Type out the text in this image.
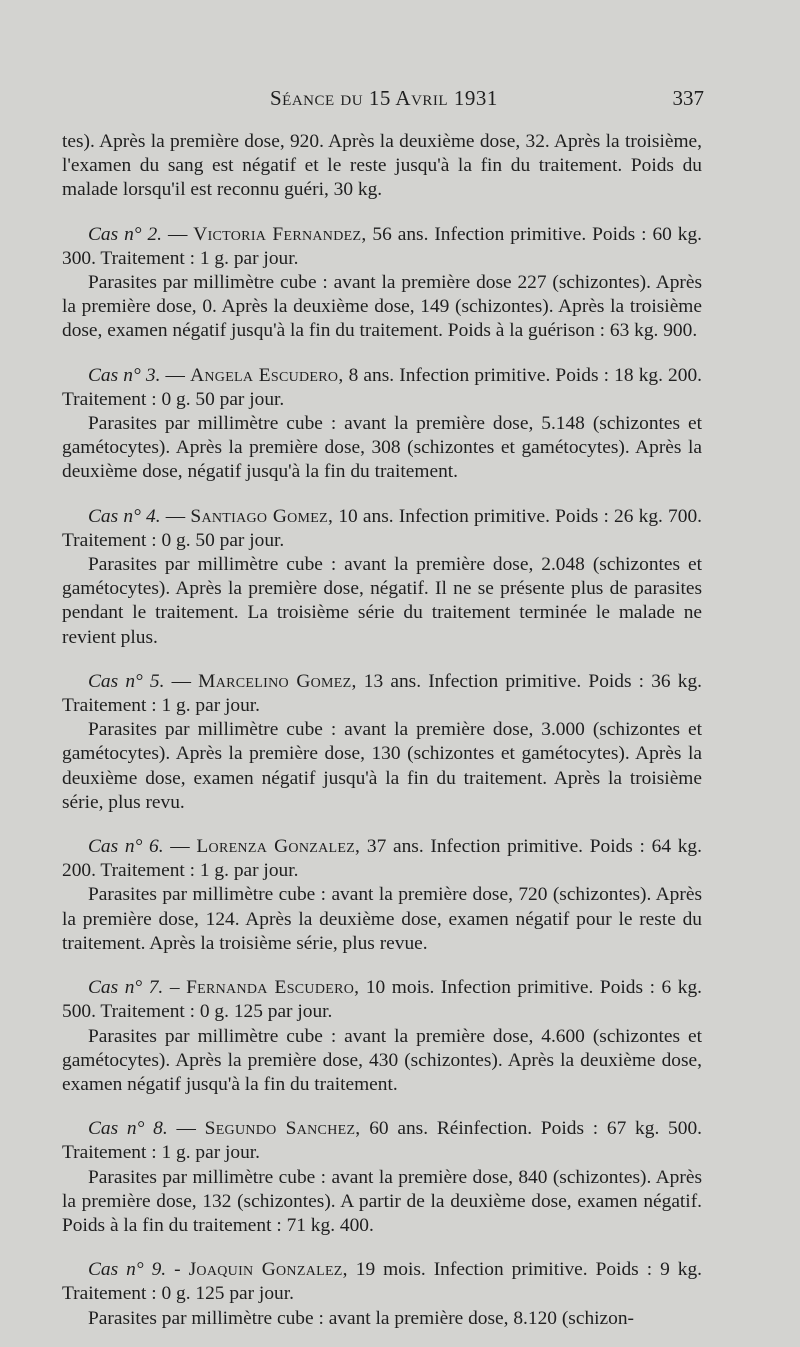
Séance du 15 Avril 1931	337

tes). Après la première dose, 920. Après la deuxième dose, 32. Après la troisième, l'examen du sang est négatif et le reste jusqu'à la fin du traitement. Poids du malade lorsqu'il est reconnu guéri, 30 kg.

Cas n° 2. — Victoria Fernandez, 56 ans. Infection primitive. Poids : 60 kg. 300. Traitement : 1 g. par jour.

Parasites par millimètre cube : avant la première dose 227 (schizontes). Après la première dose, 0. Après la deuxième dose, 149 (schizontes). Après la troisième dose, examen négatif jusqu'à la fin du traitement. Poids à la guérison : 63 kg. 900.

Cas n° 3. — Angela Escudero, 8 ans. Infection primitive. Poids : 18 kg. 200. Traitement : 0 g. 50 par jour.

Parasites par millimètre cube : avant la première dose, 5.148 (schizontes et gamétocytes). Après la première dose, 308 (schizontes et gamétocytes). Après la deuxième dose, négatif jusqu'à la fin du traitement.

Cas n° 4. — Santiago Gomez, 10 ans. Infection primitive. Poids : 26 kg. 700. Traitement : 0 g. 50 par jour.

Parasites par millimètre cube : avant la première dose, 2.048 (schizontes et gamétocytes). Après la première dose, négatif. Il ne se présente plus de parasites pendant le traitement. La troisième série du traitement terminée le malade ne revient plus.

Cas n° 5. — Marcelino Gomez, 13 ans. Infection primitive. Poids : 36 kg. Traitement : 1 g. par jour.

Parasites par millimètre cube : avant la première dose, 3.000 (schizontes et gamétocytes). Après la première dose, 130 (schizontes et gamétocytes). Après la deuxième dose, examen négatif jusqu'à la fin du traitement. Après la troisième série, plus revu.

Cas n° 6. — Lorenza Gonzalez, 37 ans. Infection primitive. Poids : 64 kg. 200. Traitement : 1 g. par jour.

Parasites par millimètre cube : avant la première dose, 720 (schizontes). Après la première dose, 124. Après la deuxième dose, examen négatif pour le reste du traitement. Après la troisième série, plus revue.

Cas n° 7. – Fernanda Escudero, 10 mois. Infection primitive. Poids : 6 kg. 500. Traitement : 0 g. 125 par jour.

Parasites par millimètre cube : avant la première dose, 4.600 (schizontes et gamétocytes). Après la première dose, 430 (schizontes). Après la deuxième dose, examen négatif jusqu'à la fin du traitement.

Cas n° 8. — Segundo Sanchez, 60 ans. Réinfection. Poids : 67 kg. 500. Traitement : 1 g. par jour.

Parasites par millimètre cube : avant la première dose, 840 (schizontes). Après la première dose, 132 (schizontes). A partir de la deuxième dose, examen négatif. Poids à la fin du traitement : 71 kg. 400.

Cas n° 9. - Joaquin Gonzalez, 19 mois. Infection primitive. Poids : 9 kg. Traitement : 0 g. 125 par jour.

Parasites par millimètre cube : avant la première dose, 8.120 (schizon-
